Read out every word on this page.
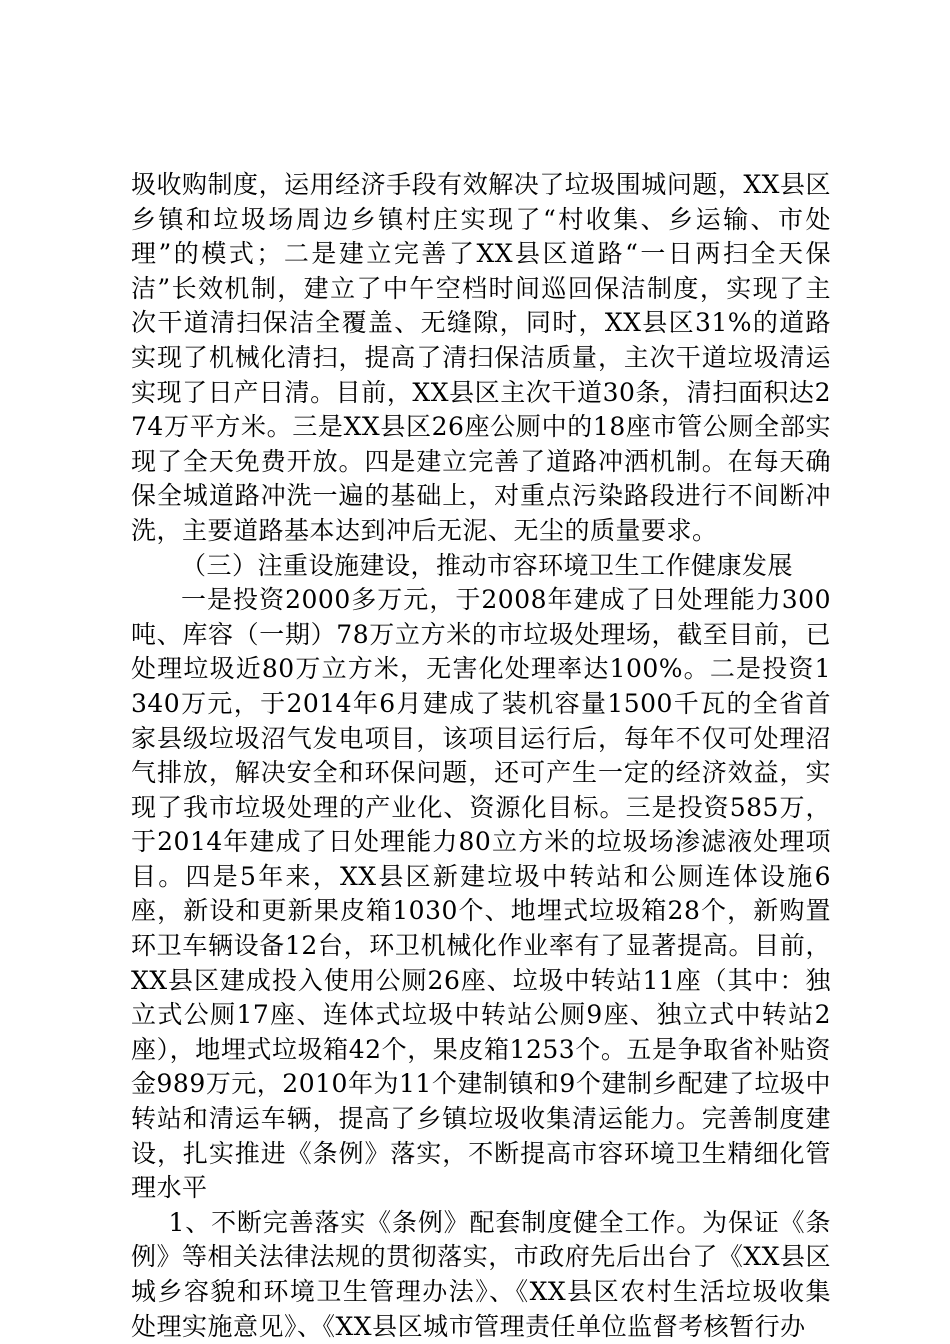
圾收购制度，运用经济手段有效解决了垃圾围城问题，XX县区乡镇和垃圾场周边乡镇村庄实现了“村收集、乡运输、市处理”的模式；二是建立完善了XX县区道路“一日两扫全天保洁”长效机制，建立了中午空档时间巡回保洁制度，实现了主次干道清扫保洁全覆盖、无缝隙，同时，XX县区31%的道路实现了机械化清扫，提高了清扫保洁质量，主次干道垃圾清运实现了日产日清。目前，XX县区主次干道30条，清扫面积达274万平方米。三是XX县区26座公厕中的18座市管公厕全部实现了全天免费开放。四是建立完善了道路冲洒机制。在每天确保全城道路冲洗一遍的基础上，对重点污染路段进行不间断冲洗，主要道路基本达到冲后无泥、无尘的质量要求。

（三）注重设施建设，推动市容环境卫生工作健康发展

一是投资2000多万元，于2008年建成了日处理能力300吨、库容（一期）78万立方米的市垃圾处理场，截至目前，已处理垃圾近80万立方米，无害化处理率达100%。二是投资1340万元，于2014年6月建成了装机容量1500千瓦的全省首家县级垃圾沼气发电项目，该项目运行后，每年不仅可处理沼气排放，解决安全和环保问题，还可产生一定的经济效益，实现了我市垃圾处理的产业化、资源化目标。三是投资585万，于2014年建成了日处理能力80立方米的垃圾场渗滤液处理项目。四是5年来，XX县区新建垃圾中转站和公厕连体设施6座，新设和更新果皮箱1030个、地埋式垃圾箱28个，新购置环卫车辆设备12台，环卫机械化作业率有了显著提高。目前，XX县区建成投入使用公厕26座、垃圾中转站11座（其中：独立式公厕17座、连体式垃圾中转站公厕9座、独立式中转站2座），地埋式垃圾箱42个，果皮箱1253个。五是争取省补贴资金989万元，2010年为11个建制镇和9个建制乡配建了垃圾中转站和清运车辆，提高了乡镇垃圾收集清运能力。完善制度建设，扎实推进《条例》落实，不断提高市容环境卫生精细化管理水平

1、不断完善落实《条例》配套制度健全工作。为保证《条例》等相关法律法规的贯彻落实，市政府先后出台了《XX县区城乡容貌和环境卫生管理办法》、《XX县区农村生活垃圾收集处理实施意见》、《XX县区城市管理责任单位监督考核暂行办
